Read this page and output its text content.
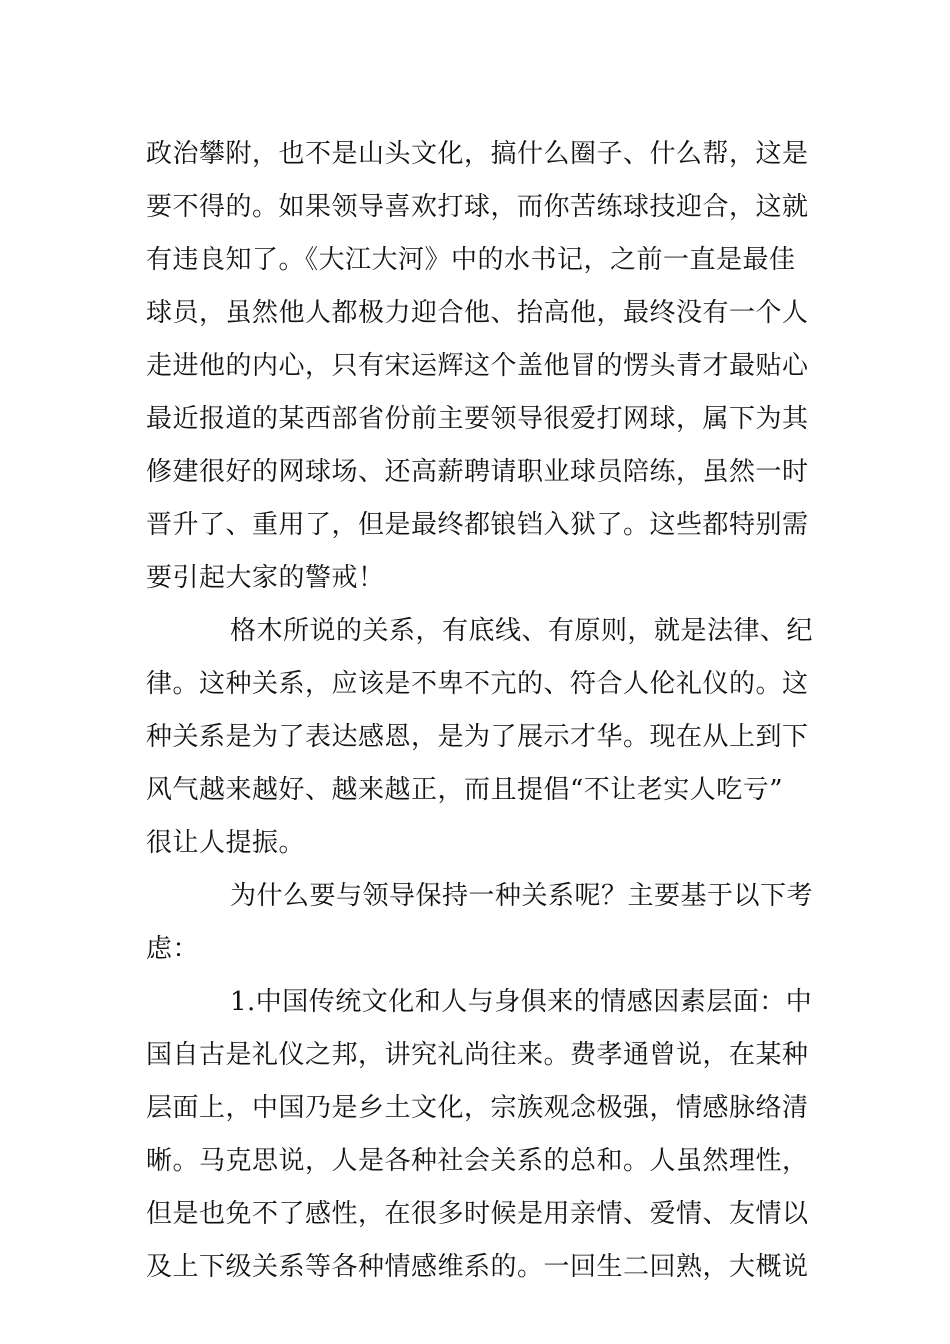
政治攀附，也不是山头文化，搞什么圈子、什么帮，这是
要不得的。如果领导喜欢打球，而你苦练球技迎合，这就
有违良知了。《大江大河》中的水书记，之前一直是最佳
球员，虽然他人都极力迎合他、抬高他，最终没有一个人
走进他的内心，只有宋运辉这个盖他冒的愣头青才最贴心
最近报道的某西部省份前主要领导很爱打网球，属下为其
修建很好的网球场、还高薪聘请职业球员陪练，虽然一时
晋升了、重用了，但是最终都锒铛入狱了。这些都特别需
要引起大家的警戒！
格木所说的关系，有底线、有原则，就是法律、纪
律。这种关系，应该是不卑不亢的、符合人伦礼仪的。这
种关系是为了表达感恩，是为了展示才华。现在从上到下
风气越来越好、越来越正，而且提倡“不让老实人吃亏”
很让人提振。
为什么要与领导保持一种关系呢？主要基于以下考
虑：
1.中国传统文化和人与身俱来的情感因素层面：中
国自古是礼仪之邦，讲究礼尚往来。费孝通曾说，在某种
层面上，中国乃是乡土文化，宗族观念极强，情感脉络清
晰。马克思说，人是各种社会关系的总和。人虽然理性，
但是也免不了感性，在很多时候是用亲情、爱情、友情以
及上下级关系等各种情感维系的。一回生二回熟，大概说
